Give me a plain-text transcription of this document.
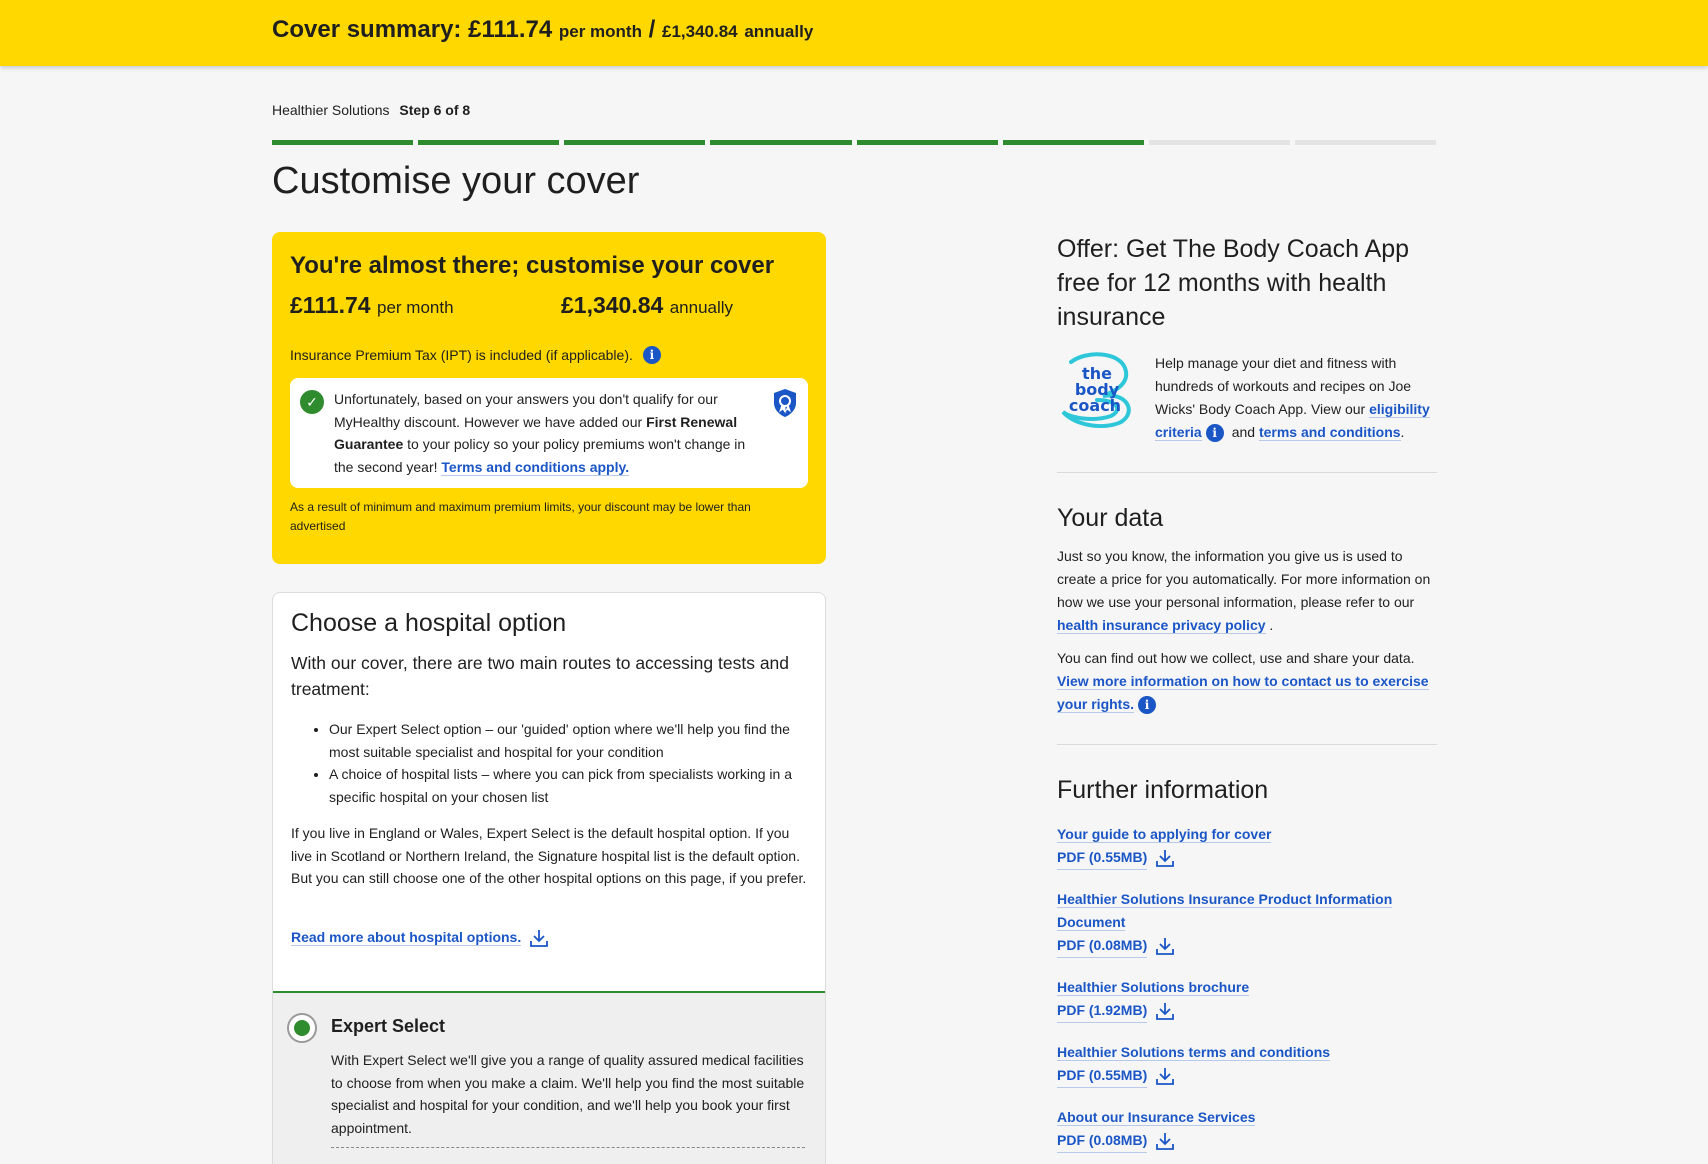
Cover summary: £111.74 per month / £1,340.84 annually
Healthier Solutions Step 6 of 8
Customise your cover
You're almost there; customise your cover
£111.74 per month	£1,340.84 annually
Insurance Premium Tax (IPT) is included (if applicable).	i
✓	Unfortunately, based on your answers you don't qualify for our MyHealthy discount. However we have added our First Renewal Guarantee to your policy so your policy premiums won't change in the second year! Terms and conditions apply.

As a result of minimum and maximum premium limits, your discount may be lower than advertised
Choose a hospital option

With our cover, there are two main routes to accessing tests and treatment:

• Our Expert Select option – our 'guided' option where we'll help you find the most suitable specialist and hospital for your condition
• A choice of hospital lists – where you can pick from specialists working in a specific hospital on your chosen list

If you live in England or Wales, Expert Select is the default hospital option. If you live in Scotland or Northern Ireland, the Signature hospital list is the default option. But you can still choose one of the other hospital options on this page, if you prefer.

Read more about hospital options.
Expert Select

With Expert Select we'll give you a range of quality assured medical facilities to choose from when you make a claim. We'll help you find the most suitable specialist and hospital for your condition, and we'll help you book your first appointment.

Offer: Get The Body Coach App free for 12 months with health insurance
the
body
coach

Help manage your diet and fitness with hundreds of workouts and recipes on Joe Wicks' Body Coach App. View our eligibility criteria i	and terms and conditions.

Your data

Just so you know, the information you give us is used to create a price for you automatically. For more information on how we use your personal information, please refer to our health insurance privacy policy .

You can find out how we collect, use and share your data.

View more information on how to contact us to exercise your rights. i

Further information
Your guide to applying for cover
PDF (0.55MB)
Healthier Solutions Insurance Product Information Document
PDF (0.08MB)
Healthier Solutions brochure
PDF (1.92MB)
Healthier Solutions terms and conditions
PDF (0.55MB)
About our Insurance Services
PDF (0.08MB)
